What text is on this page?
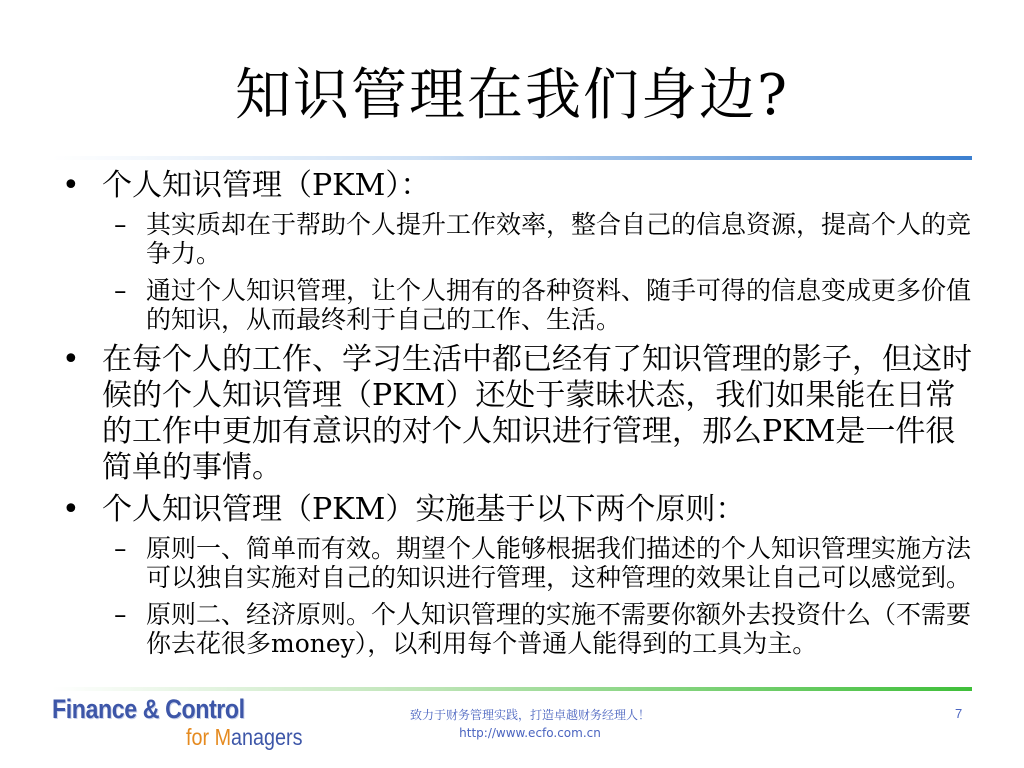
知识管理在我们身边?
• 个人知识管理（PKM）：
– 其实质却在于帮助个人提升工作效率，整合自己的信息资源，提高个人的竞争力。
– 通过个人知识管理，让个人拥有的各种资料、随手可得的信息变成更多价值的知识，从而最终利于自己的工作、生活。
• 在每个人的工作、学习生活中都已经有了知识管理的影子，但这时候的个人知识管理（PKM）还处于蒙昧状态，我们如果能在日常的工作中更加有意识的对个人知识进行管理，那么PKM是一件很简单的事情。
• 个人知识管理（PKM）实施基于以下两个原则：
– 原则一、简单而有效。期望个人能够根据我们描述的个人知识管理实施方法可以独自实施对自己的知识进行管理，这种管理的效果让自己可以感觉到。
– 原则二、经济原则。个人知识管理的实施不需要你额外去投资什么（不需要你去花很多money），以利用每个普通人能得到的工具为主。
Finance & Control
for Managers
致力于财务管理实践，打造卓越财务经理人！
http://www.ecfo.com.cn
7
